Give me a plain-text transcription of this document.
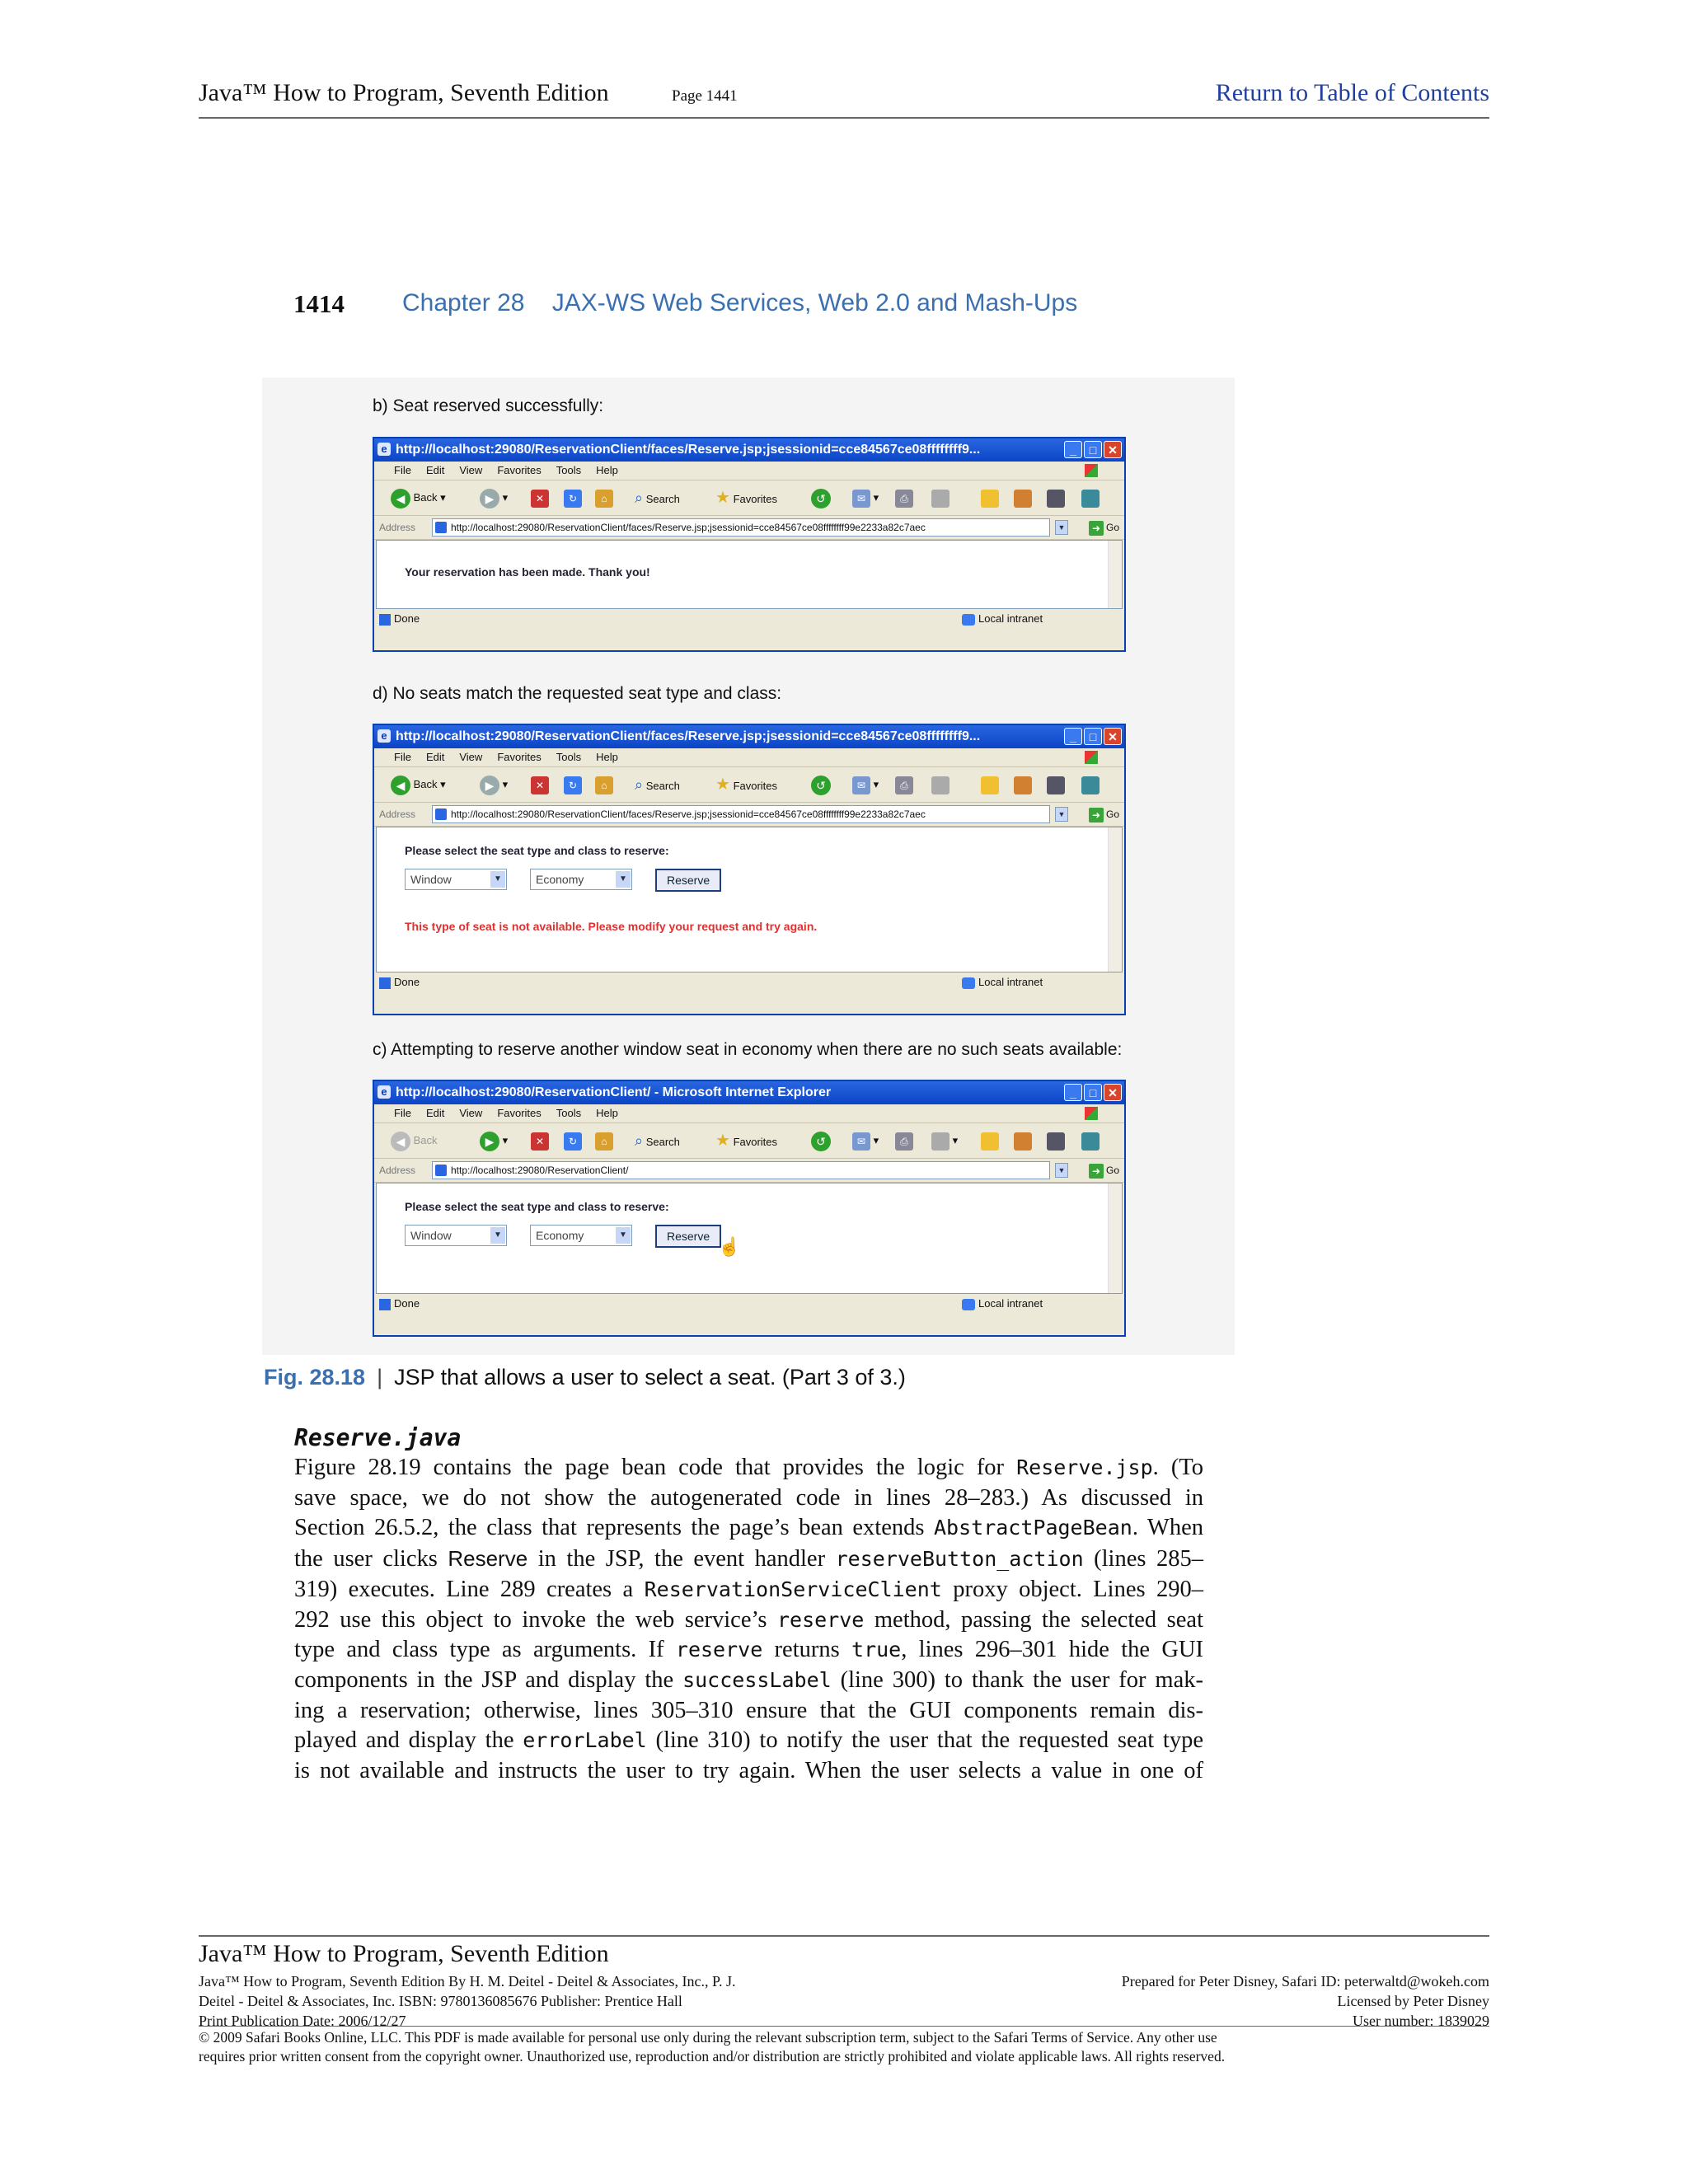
Java™ How to Program, Seventh Edition	Page 1441	Return to Table of Contents
1414 Chapter 28    JAX-WS Web Services, Web 2.0 and Mash-Ups
b) Seat reserved successfully:
e http://localhost:29080/ReservationClient/faces/Reserve.jsp;jsessionid=cce84567ce08ffffffff9...	_ □ ✕
File Edit View Favorites Tools Help
◀ Back ▾	▶ ▾	✕	↻	⌂	⌕ Search ★ Favorites	↺	✉ ▾	⎙
Address	http://localhost:29080/ReservationClient/faces/Reserve.jsp;jsessionid=cce84567ce08ffffffff99e2233a82c7aec	▼	➜ Go
Your reservation has been made. Thank you!
Done	Local intranet
d) No seats match the requested seat type and class:
e http://localhost:29080/ReservationClient/faces/Reserve.jsp;jsessionid=cce84567ce08ffffffff9...	_ □ ✕
File Edit View Favorites Tools Help
◀ Back ▾	▶ ▾	✕	↻	⌂	⌕ Search ★ Favorites	↺	✉ ▾	⎙
Address	http://localhost:29080/ReservationClient/faces/Reserve.jsp;jsessionid=cce84567ce08ffffffff99e2233a82c7aec	▼	➜ Go
Please select the seat type and class to reserve:
Window	▼	Economy	▼	Reserve
This type of seat is not available. Please modify your request and try again.
Done	Local intranet
c) Attempting to reserve another window seat in economy when there are no such seats available:
e http://localhost:29080/ReservationClient/ - Microsoft Internet Explorer	_ □ ✕
File Edit View Favorites Tools Help
◀ Back	▶ ▾	✕	↻	⌂	⌕ Search ★ Favorites	↺	✉ ▾	⎙	▾
Address	http://localhost:29080/ReservationClient/	▼	➜ Go
Please select the seat type and class to reserve:
Window	▼	Economy	▼	Reserve ☝
Done	Local intranet
Fig. 28.18 | JSP that allows a user to select a seat. (Part 3 of 3.)
Reserve.java
Figure 28.19 contains the page bean code that provides the logic for Reserve.jsp. (To
save space, we do not show the autogenerated code in lines 28–283.) As discussed in
Section 26.5.2, the class that represents the page’s bean extends AbstractPageBean. When
the user clicks Reserve in the JSP, the event handler reserveButton_action (lines 285–
319) executes. Line 289 creates a ReservationServiceClient proxy object. Lines 290–
292 use this object to invoke the web service’s reserve method, passing the selected seat
type and class type as arguments. If reserve returns true, lines 296–301 hide the GUI
components in the JSP and display the successLabel (line 300) to thank the user for mak-
ing a reservation; otherwise, lines 305–310 ensure that the GUI components remain dis-
played and display the errorLabel (line 310) to notify the user that the requested seat type
is not available and instructs the user to try again. When the user selects a value in one of
Java™ How to Program, Seventh Edition
Java™ How to Program, Seventh Edition By H. M. Deitel - Deitel & Associates, Inc., P. J.
Deitel - Deitel & Associates, Inc. ISBN: 9780136085676 Publisher: Prentice Hall
Print Publication Date: 2006/12/27
Prepared for Peter Disney, Safari ID: peterwaltd@wokeh.com
Licensed by Peter Disney
User number: 1839029
© 2009 Safari Books Online, LLC. This PDF is made available for personal use only during the relevant subscription term, subject to the Safari Terms of Service. Any other use
requires prior written consent from the copyright owner. Unauthorized use, reproduction and/or distribution are strictly prohibited and violate applicable laws. All rights reserved.
